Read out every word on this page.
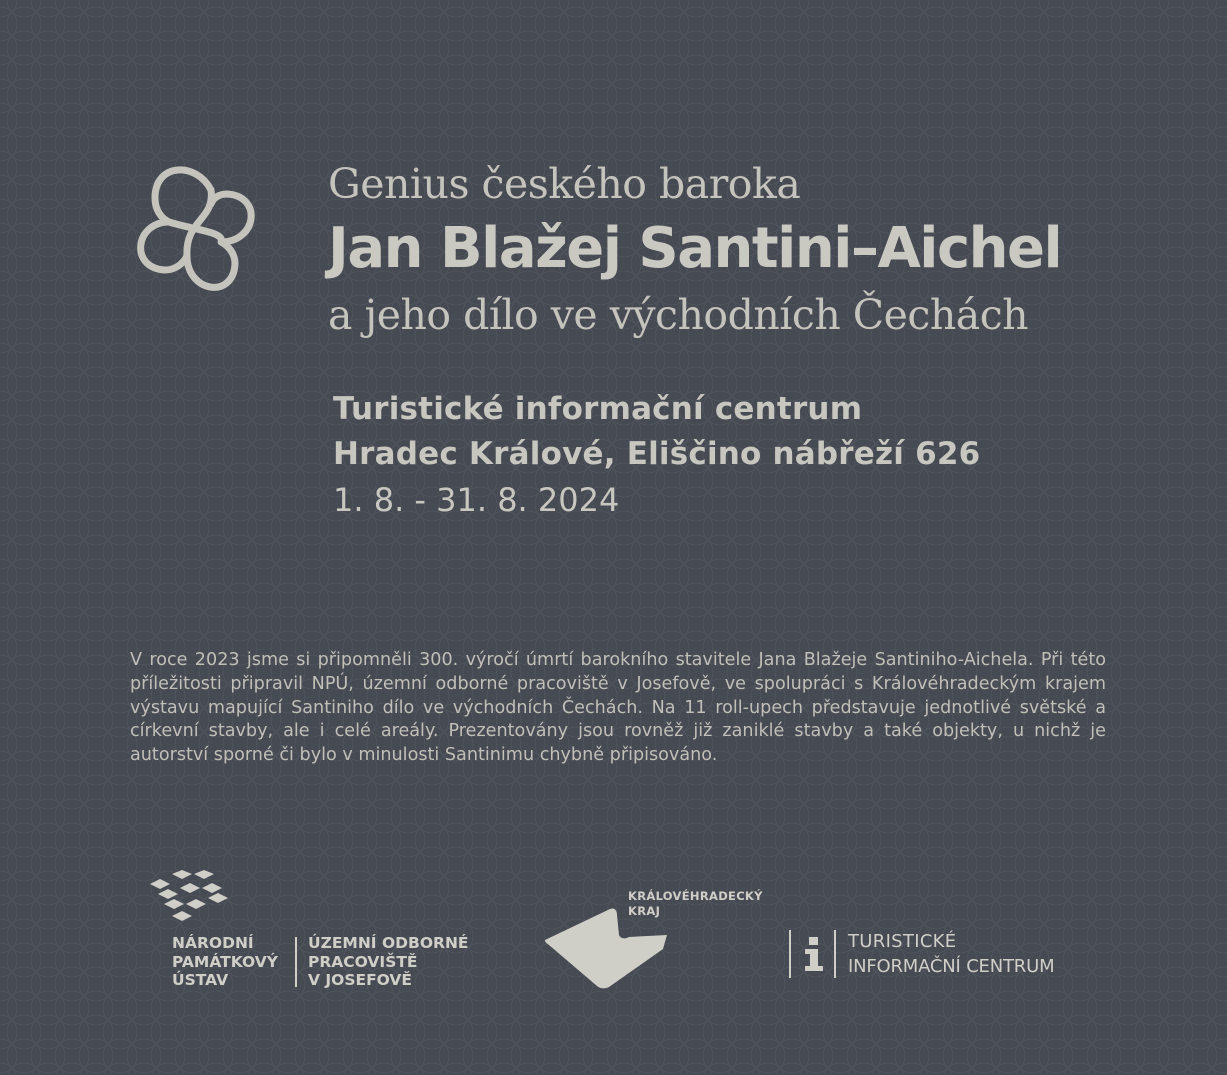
Genius českého baroka
Jan Blažej Santini–Aichel
a jeho dílo ve východních Čechách
Turistické informační centrum
Hradec Králové, Eliščino nábřeží 626
1. 8. - 31. 8. 2024

V roce 2023 jsme si připomněli 300. výročí úmrtí barokního stavitele Jana Blažeje Santiniho-Aichela. Při této příležitosti připravil NPÚ, územní odborné pracoviště v Josefově, ve spolupráci s Královéhradeckým krajem výstavu mapující Santiniho dílo ve východních Čechách. Na 11 roll-upech představuje jednotlivé světské a církevní stavby, ale i celé areály. Prezentovány jsou rovněž již zaniklé stavby a také objekty, u nichž je autorství sporné či bylo v minulosti Santinimu chybně připisováno.

NÁRODNÍ
PAMÁTKOVÝ
ÚSTAV
ÚZEMNÍ ODBORNÉ
PRACOVIŠTĚ
V JOSEFOVĚ
KRÁLOVÉHRADECKÝ
KRAJ
TURISTICKÉ
INFORMAČNÍ CENTRUM
